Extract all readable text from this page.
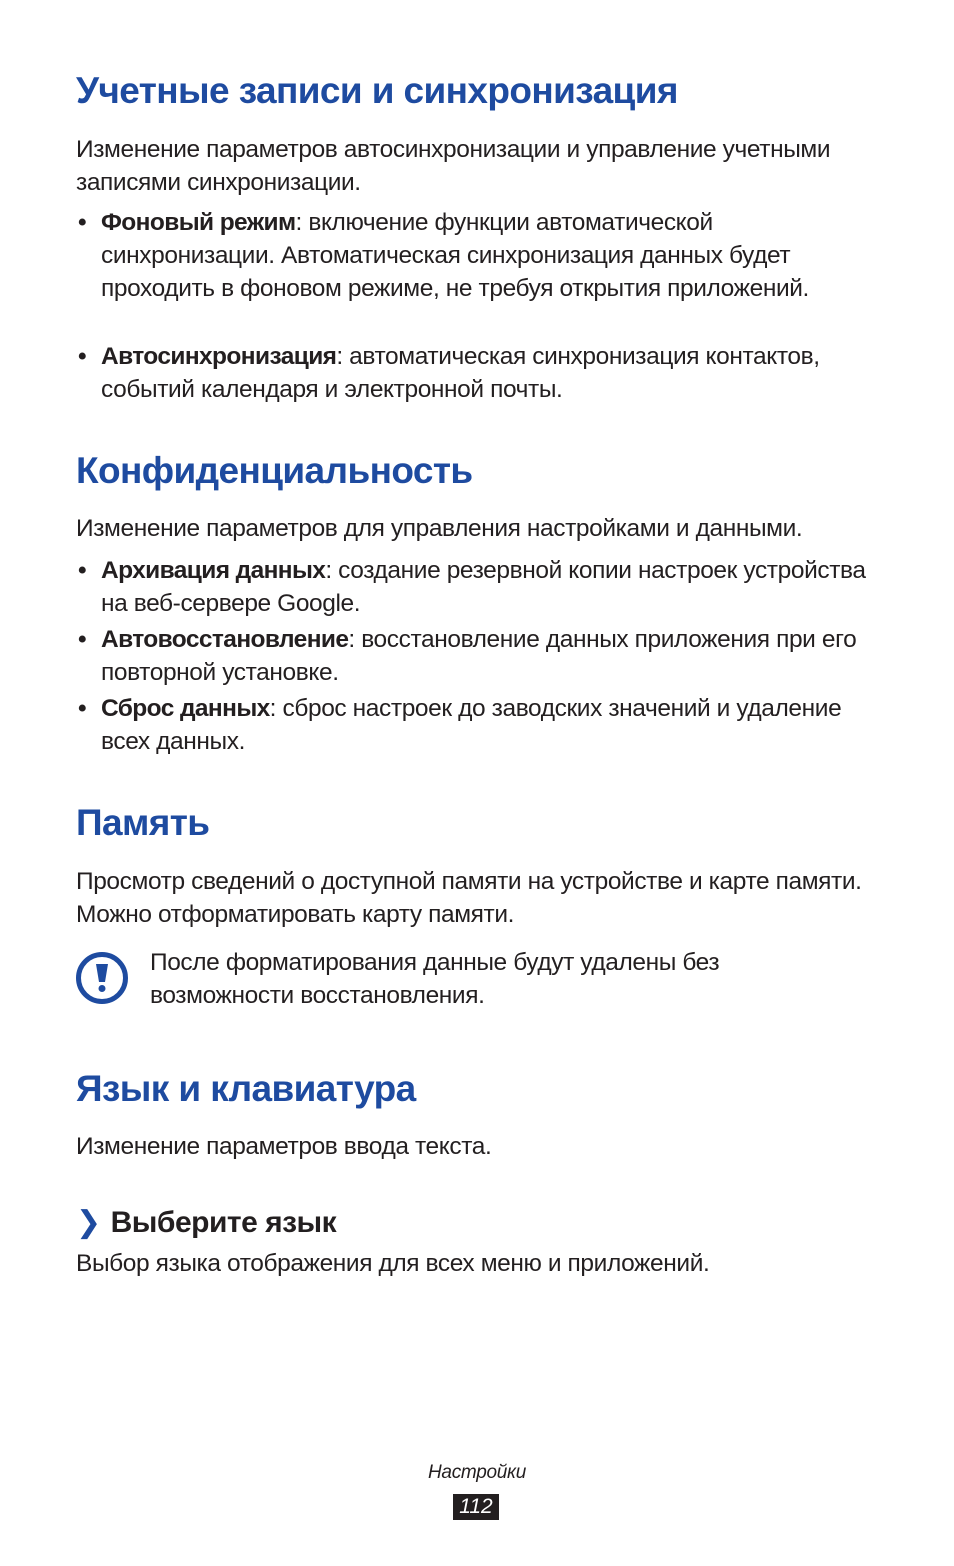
Учетные записи и синхронизация

Изменение параметров автосинхронизации и управление учетными записями синхронизации.

• Фоновый режим: включение функции автоматической синхронизации. Автоматическая синхронизация данных будет проходить в фоновом режиме, не требуя открытия приложений.
• Автосинхронизация: автоматическая синхронизация контактов, событий календаря и электронной почты.
Конфиденциальность

Изменение параметров для управления настройками и данными.

• Архивация данных: создание резервной копии настроек устройства на веб-сервере Google.
• Автовосстановление: восстановление данных приложения при его повторной установке.
• Сброс данных: сброс настроек до заводских значений и удаление всех данных.
Память

Просмотр сведений о доступной памяти на устройстве и карте памяти. Можно отформатировать карту памяти.

После форматирования данные будут удалены без возможности восстановления.
Язык и клавиатура

Изменение параметров ввода текста.

❯ Выберите язык

Выбор языка отображения для всех меню и приложений.

Настройки
112
